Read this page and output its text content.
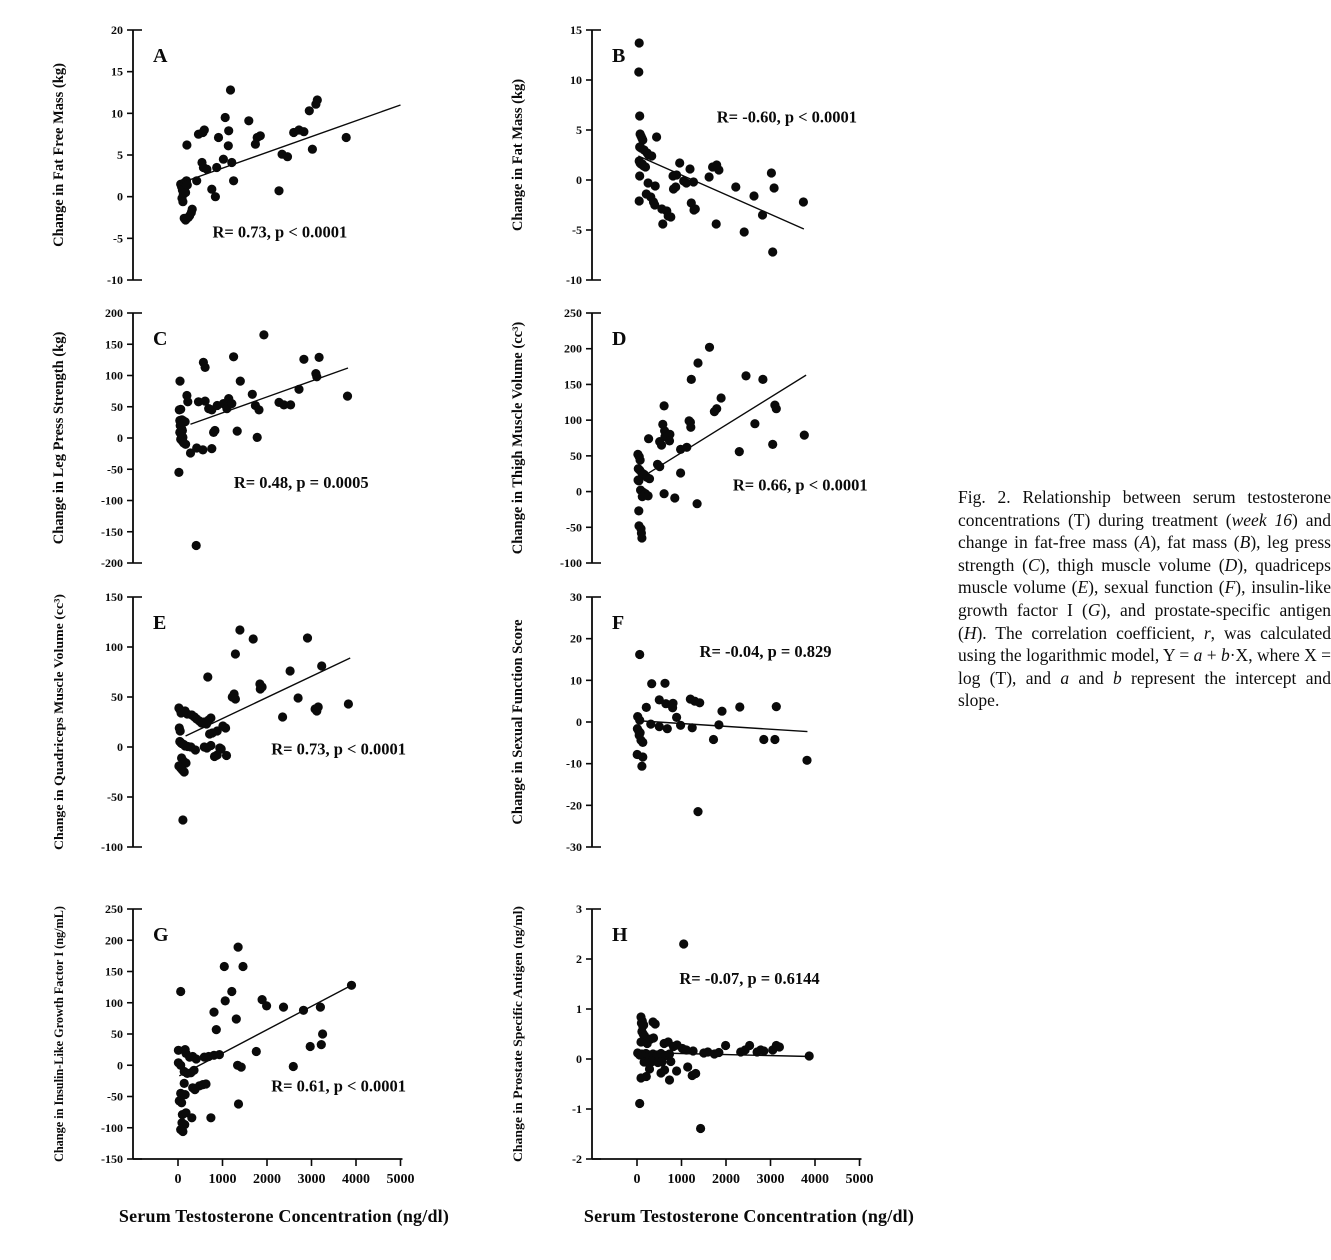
-10
-5
0
5
10
15
20
Change in Fat Free Mass (kg)	R= 0.73, p < 0.0001
A
-10
-5
0
5
10
15
Change in Fat Mass (kg)	R= -0.60, p < 0.0001
B
-200
-150
-100
-50
0
50
100
150
200
Change in Leg Press Strength (kg)	R= 0.48, p = 0.0005
C
-100
-50
0
50
100
150
200
250
Change in Thigh Muscle Volume (cc³)	R= 0.66, p < 0.0001
D
-100
-50
0
50
100
150
Change in Quadriceps Muscle Volume (cc³)	R= 0.73, p < 0.0001
E
-30
-20
-10
0
10
20
30
Change in Sexual Function Score	R= -0.04, p = 0.829
F
-150
-100
-50
0
50
100
150
200
250
Change in Insulin-Like Growth Factor I (ng/mL)
0 1000 2000 3000 4000 5000
R= 0.61, p < 0.0001
G
-2
-1
0
1
2
3
Change in Prostate Specific Antigen (ng/ml)
0 1000 2000 3000 4000 5000
R= -0.07, p = 0.6144
H
Serum Testosterone Concentration (ng/dl)	Serum Testosterone Concentration (ng/dl)
Fig. 2. Relationship between serum testosterone concentrations (T) during treatment (week 16) and change in fat-free mass (A), fat mass (B), leg press strength (C), thigh muscle volume (D), quadriceps muscle volume (E), sexual function (F), insulin-like growth factor I (G), and prostate-specific antigen (H). The correlation coefficient, r, was calculated using the logarithmic model, Y = a + b·X, where X = log (T), and a and b represent the intercept and slope.
